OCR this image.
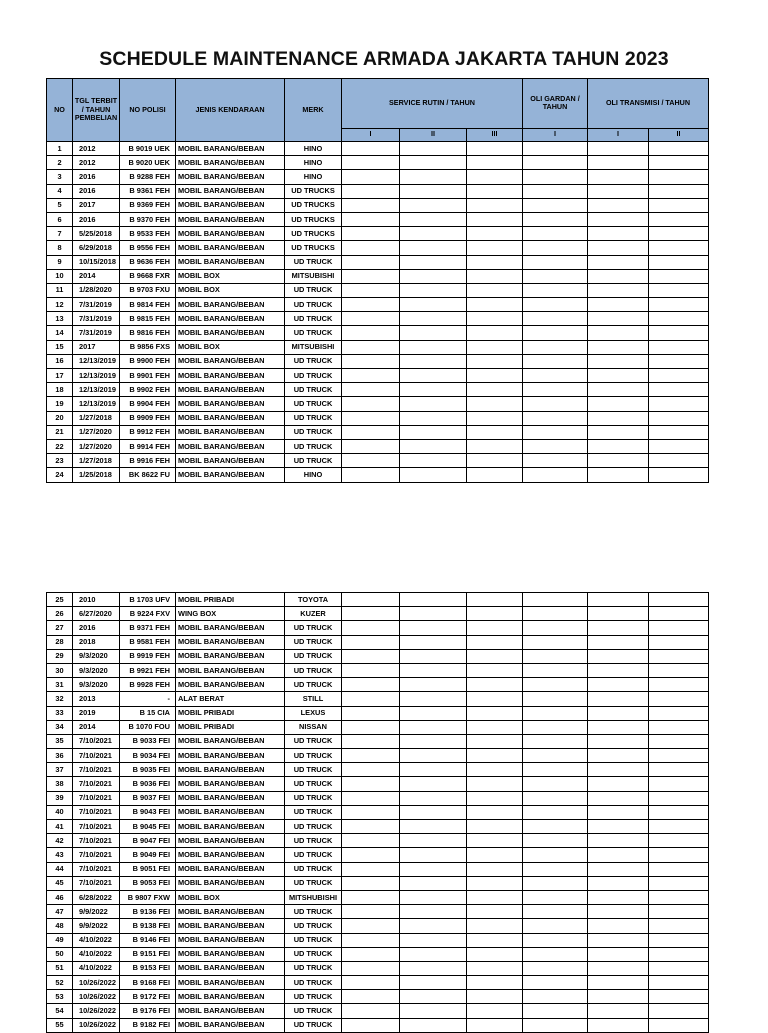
SCHEDULE MAINTENANCE ARMADA JAKARTA TAHUN 2023
NO	TGL TERBIT / TAHUN PEMBELIAN	NO POLISI	JENIS KENDARAAN	MERK	SERVICE RUTIN / TAHUN			OLI GARDAN / TAHUN	OLI TRANSMISI / TAHUN	
					I	II	III	I	I	II
1	2012	B 9019 UEK	MOBIL BARANG/BEBAN	HINO						
2	2012	B 9020 UEK	MOBIL BARANG/BEBAN	HINO						
3	2016	B 9288 FEH	MOBIL BARANG/BEBAN	HINO						
4	2016	B 9361 FEH	MOBIL BARANG/BEBAN	UD TRUCKS						
5	2017	B 9369 FEH	MOBIL BARANG/BEBAN	UD TRUCKS						
6	2016	B 9370 FEH	MOBIL BARANG/BEBAN	UD TRUCKS						
7	5/25/2018	B 9533 FEH	MOBIL BARANG/BEBAN	UD TRUCKS						
8	6/29/2018	B 9556 FEH	MOBIL BARANG/BEBAN	UD TRUCKS						
9	10/15/2018	B 9636 FEH	MOBIL BARANG/BEBAN	UD TRUCK						
10	2014	B 9668 FXR	MOBIL BOX	MITSUBISHI						
11	1/28/2020	B 9703 FXU	MOBIL BOX	UD TRUCK						
12	7/31/2019	B 9814 FEH	MOBIL BARANG/BEBAN	UD TRUCK						
13	7/31/2019	B 9815 FEH	MOBIL BARANG/BEBAN	UD TRUCK						
14	7/31/2019	B 9816 FEH	MOBIL BARANG/BEBAN	UD TRUCK						
15	2017	B 9856 FXS	MOBIL BOX	MITSUBISHI						
16	12/13/2019	B 9900 FEH	MOBIL BARANG/BEBAN	UD TRUCK						
17	12/13/2019	B 9901 FEH	MOBIL BARANG/BEBAN	UD TRUCK						
18	12/13/2019	B 9902 FEH	MOBIL BARANG/BEBAN	UD TRUCK						
19	12/13/2019	B 9904 FEH	MOBIL BARANG/BEBAN	UD TRUCK						
20	1/27/2018	B 9909 FEH	MOBIL BARANG/BEBAN	UD TRUCK						
21	1/27/2020	B 9912 FEH	MOBIL BARANG/BEBAN	UD TRUCK						
22	1/27/2020	B 9914 FEH	MOBIL BARANG/BEBAN	UD TRUCK						
23	1/27/2018	B 9916 FEH	MOBIL BARANG/BEBAN	UD TRUCK						
24	1/25/2018	BK 8622 FU	MOBIL BARANG/BEBAN	HINO						
25	2010	B 1703 UFV	MOBIL PRIBADI	TOYOTA						
26	6/27/2020	B 9224 FXV	WING BOX	KUZER						
27	2016	B 9371 FEH	MOBIL BARANG/BEBAN	UD TRUCK						
28	2018	B 9581 FEH	MOBIL BARANG/BEBAN	UD TRUCK						
29	9/3/2020	B 9919 FEH	MOBIL BARANG/BEBAN	UD TRUCK						
30	9/3/2020	B 9921 FEH	MOBIL BARANG/BEBAN	UD TRUCK						
31	9/3/2020	B 9928 FEH	MOBIL BARANG/BEBAN	UD TRUCK						
32	2013	-	ALAT BERAT	STILL						
33	2019	B 15 CIA	MOBIL PRIBADI	LEXUS						
34	2014	B 1070 FOU	MOBIL PRIBADI	NISSAN						
35	7/10/2021	B 9033 FEI	MOBIL BARANG/BEBAN	UD TRUCK						
36	7/10/2021	B 9034 FEI	MOBIL BARANG/BEBAN	UD TRUCK						
37	7/10/2021	B 9035 FEI	MOBIL BARANG/BEBAN	UD TRUCK						
38	7/10/2021	B 9036 FEI	MOBIL BARANG/BEBAN	UD TRUCK						
39	7/10/2021	B 9037 FEI	MOBIL BARANG/BEBAN	UD TRUCK						
40	7/10/2021	B 9043 FEI	MOBIL BARANG/BEBAN	UD TRUCK						
41	7/10/2021	B 9045 FEI	MOBIL BARANG/BEBAN	UD TRUCK						
42	7/10/2021	B 9047 FEI	MOBIL BARANG/BEBAN	UD TRUCK						
43	7/10/2021	B 9049 FEI	MOBIL BARANG/BEBAN	UD TRUCK						
44	7/10/2021	B 9051 FEI	MOBIL BARANG/BEBAN	UD TRUCK						
45	7/10/2021	B 9053 FEI	MOBIL BARANG/BEBAN	UD TRUCK						
46	6/28/2022	B 9807 FXW	MOBIL BOX	MITSHUBISHI						
47	9/9/2022	B 9136 FEI	MOBIL BARANG/BEBAN	UD TRUCK						
48	9/9/2022	B 9138 FEI	MOBIL BARANG/BEBAN	UD TRUCK						
49	4/10/2022	B 9146 FEI	MOBIL BARANG/BEBAN	UD TRUCK						
50	4/10/2022	B 9151 FEI	MOBIL BARANG/BEBAN	UD TRUCK						
51	4/10/2022	B 9153 FEI	MOBIL BARANG/BEBAN	UD TRUCK						
52	10/26/2022	B 9168 FEI	MOBIL BARANG/BEBAN	UD TRUCK						
53	10/26/2022	B 9172 FEI	MOBIL BARANG/BEBAN	UD TRUCK						
54	10/26/2022	B 9176 FEI	MOBIL BARANG/BEBAN	UD TRUCK						
55	10/26/2022	B 9182 FEI	MOBIL BARANG/BEBAN	UD TRUCK						
